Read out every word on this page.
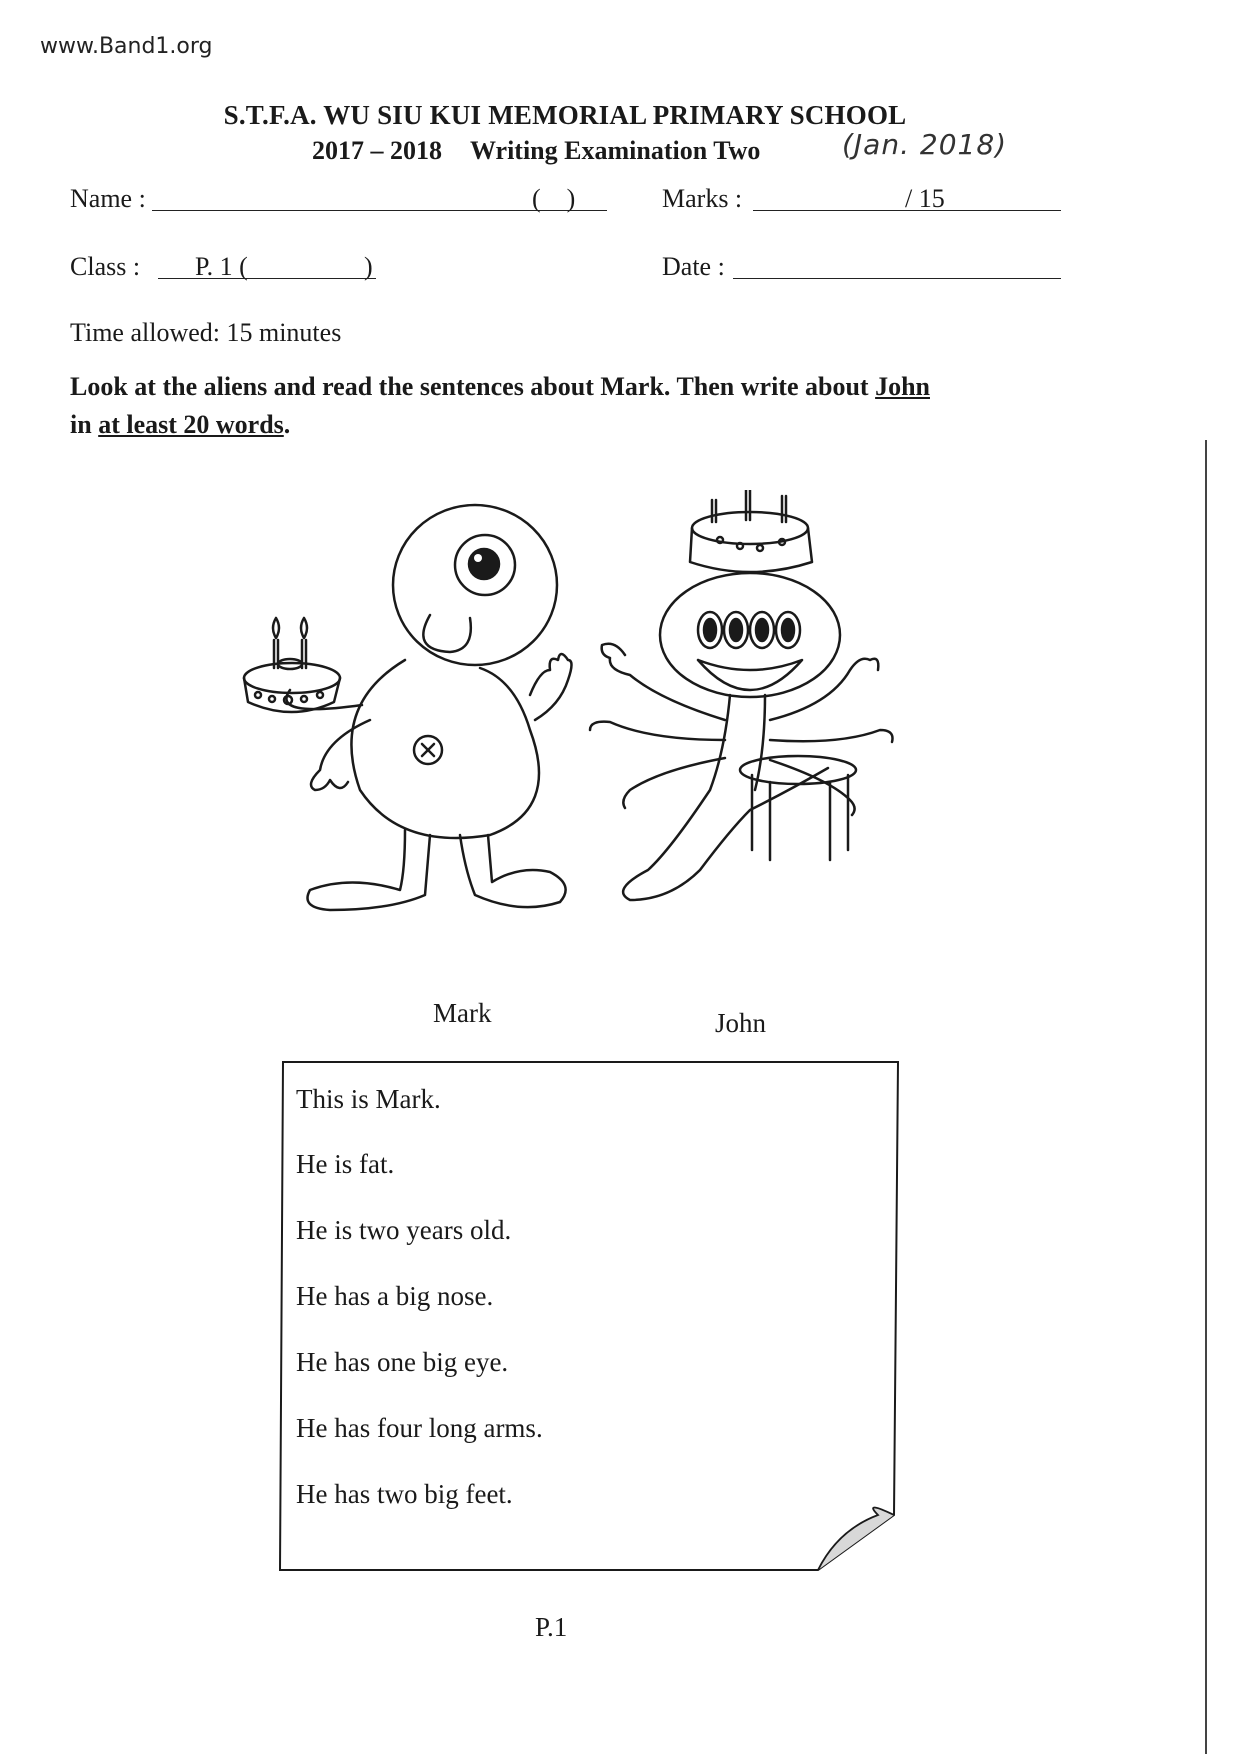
www.Band1.org
S.T.F.A. WU SIU KUI MEMORIAL PRIMARY SCHOOL
2017 – 2018 Writing Examination Two	(Jan. 2018)
Name :	(    )	Marks :	/ 15
Class : P. 1 (	)	Date :
Time allowed: 15 minutes
Look at the aliens and read the sentences about Mark. Then write about John
in at least 20 words.
Mark	John
This is Mark.
He is fat.
He is two years old.
He has a big nose.
He has one big eye.
He has four long arms.
He has two big feet.
P.1
